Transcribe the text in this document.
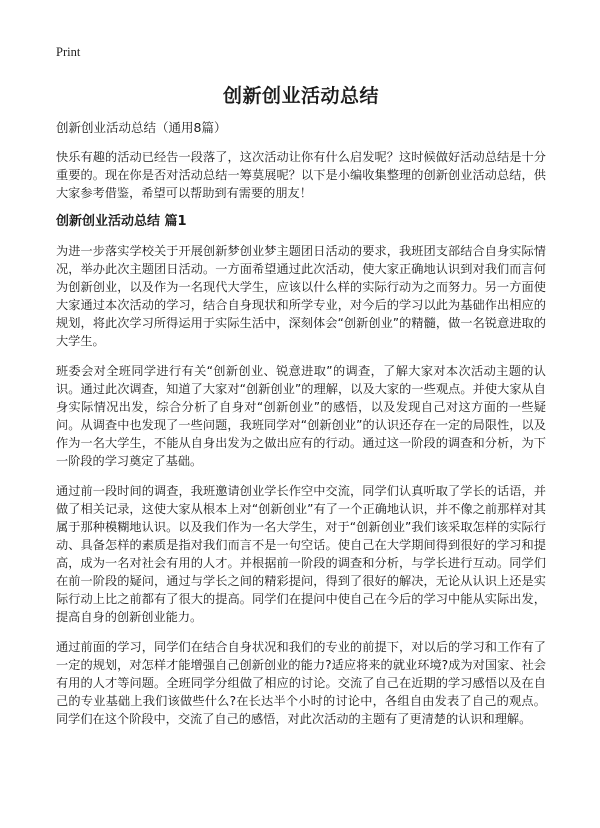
Print
创新创业活动总结

创新创业活动总结（通用8篇）

快乐有趣的活动已经告一段落了，这次活动让你有什么启发呢？这时候做好活动总结是十分重要的。现在你是否对活动总结一筹莫展呢？以下是小编收集整理的创新创业活动总结，供大家参考借鉴，希望可以帮助到有需要的朋友！

创新创业活动总结 篇1

为进一步落实学校关于开展创新梦创业梦主题团日活动的要求，我班团支部结合自身实际情况，举办此次主题团日活动。一方面希望通过此次活动，使大家正确地认识到对我们而言何为创新创业，以及作为一名现代大学生，应该以什么样的实际行动为之而努力。另一方面使大家通过本次活动的学习，结合自身现状和所学专业，对今后的学习以此为基础作出相应的规划，将此次学习所得运用于实际生活中，深刻体会“创新创业”的精髓，做一名锐意进取的大学生。

班委会对全班同学进行有关“创新创业、锐意进取”的调查，了解大家对本次活动主题的认识。通过此次调查，知道了大家对“创新创业”的理解，以及大家的一些观点。并使大家从自身实际情况出发，综合分析了自身对“创新创业”的感悟，以及发现自己对这方面的一些疑问。从调查中也发现了一些问题，我班同学对“创新创业”的认识还存在一定的局限性，以及作为一名大学生，不能从自身出发为之做出应有的行动。通过这一阶段的调查和分析，为下一阶段的学习奠定了基础。

通过前一段时间的调查，我班邀请创业学长作空中交流，同学们认真听取了学长的话语，并做了相关记录，这使大家从根本上对“创新创业”有了一个正确地认识，并不像之前那样对其属于那种模糊地认识。以及我们作为一名大学生，对于“创新创业”我们该采取怎样的实际行动、具备怎样的素质是指对我们而言不是一句空话。使自己在大学期间得到很好的学习和提高，成为一名对社会有用的人才。并根据前一阶段的调查和分析，与学长进行互动。同学们在前一阶段的疑问，通过与学长之间的精彩提问，得到了很好的解决，无论从认识上还是实际行动上比之前都有了很大的提高。同学们在提问中使自己在今后的学习中能从实际出发，提高自身的创新创业能力。

通过前面的学习，同学们在结合自身状况和我们的专业的前提下，对以后的学习和工作有了一定的规划，对怎样才能增强自己创新创业的能力?适应将来的就业环境?成为对国家、社会有用的人才等问题。全班同学分组做了相应的讨论。交流了自己在近期的学习感悟以及在自己的专业基础上我们该做些什么?在长达半个小时的讨论中，各组自由发表了自己的观点。同学们在这个阶段中，交流了自己的感悟，对此次活动的主题有了更清楚的认识和理解。
